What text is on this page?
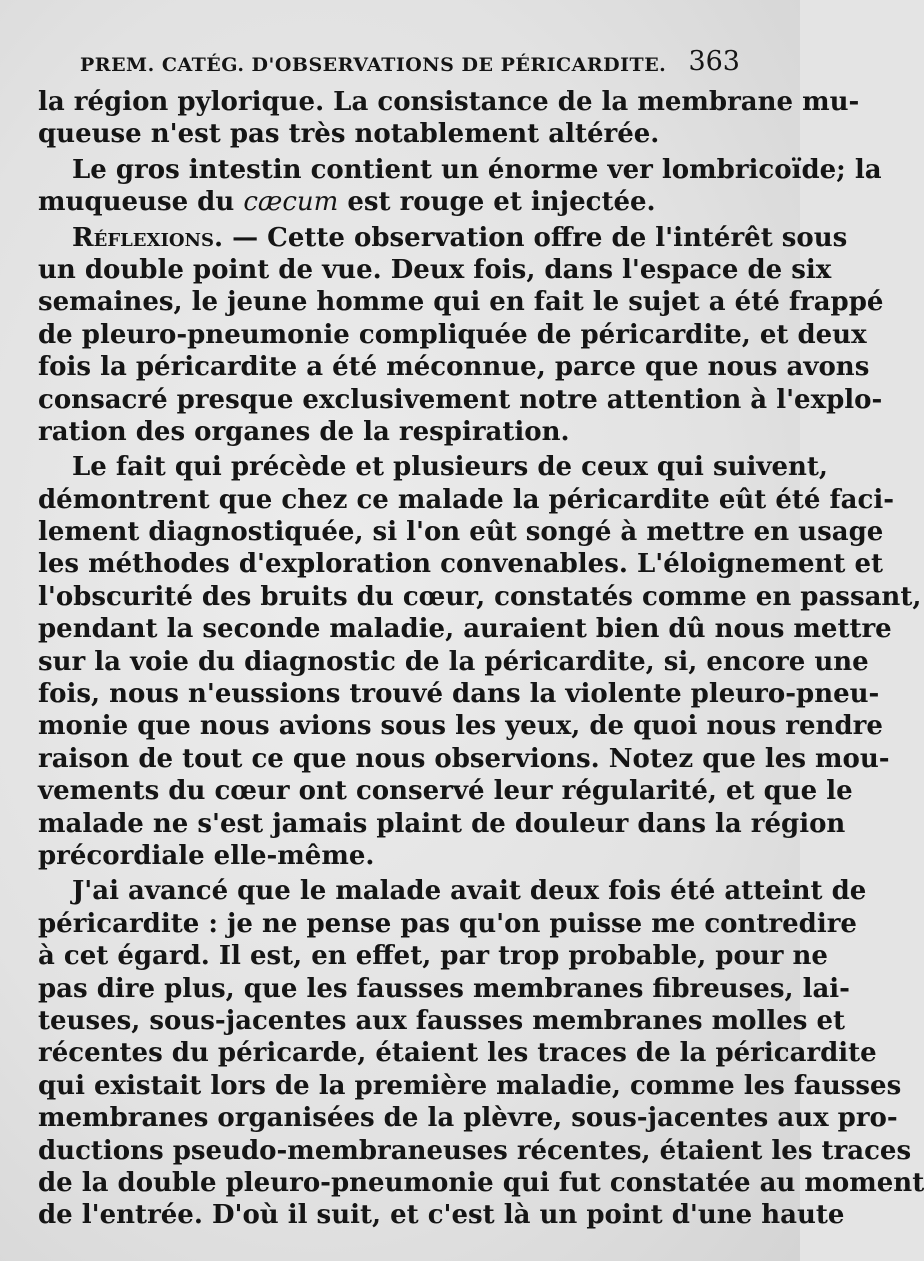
PREM. CATÉG. D'OBSERVATIONS DE PÉRICARDITE. 363
la région pylorique. La consistance de la membrane mu-
queuse n'est pas très notablement altérée.
Le gros intestin contient un énorme ver lombricoïde; la
muqueuse du cæcum est rouge et injectée.
Réflexions. — Cette observation offre de l'intérêt sous
un double point de vue. Deux fois, dans l'espace de six
semaines, le jeune homme qui en fait le sujet a été frappé
de pleuro-pneumonie compliquée de péricardite, et deux
fois la péricardite a été méconnue, parce que nous avons
consacré presque exclusivement notre attention à l'explo-
ration des organes de la respiration.
Le fait qui précède et plusieurs de ceux qui suivent,
démontrent que chez ce malade la péricardite eût été faci-
lement diagnostiquée, si l'on eût songé à mettre en usage
les méthodes d'exploration convenables. L'éloignement et
l'obscurité des bruits du cœur, constatés comme en passant,
pendant la seconde maladie, auraient bien dû nous mettre
sur la voie du diagnostic de la péricardite, si, encore une
fois, nous n'eussions trouvé dans la violente pleuro-pneu-
monie que nous avions sous les yeux, de quoi nous rendre
raison de tout ce que nous observions. Notez que les mou-
vements du cœur ont conservé leur régularité, et que le
malade ne s'est jamais plaint de douleur dans la région
précordiale elle-même.
J'ai avancé que le malade avait deux fois été atteint de
péricardite : je ne pense pas qu'on puisse me contredire
à cet égard. Il est, en effet, par trop probable, pour ne
pas dire plus, que les fausses membranes fibreuses, lai-
teuses, sous-jacentes aux fausses membranes molles et
récentes du péricarde, étaient les traces de la péricardite
qui existait lors de la première maladie, comme les fausses
membranes organisées de la plèvre, sous-jacentes aux pro-
ductions pseudo-membraneuses récentes, étaient les traces
de la double pleuro-pneumonie qui fut constatée au moment
de l'entrée. D'où il suit, et c'est là un point d'une haute
